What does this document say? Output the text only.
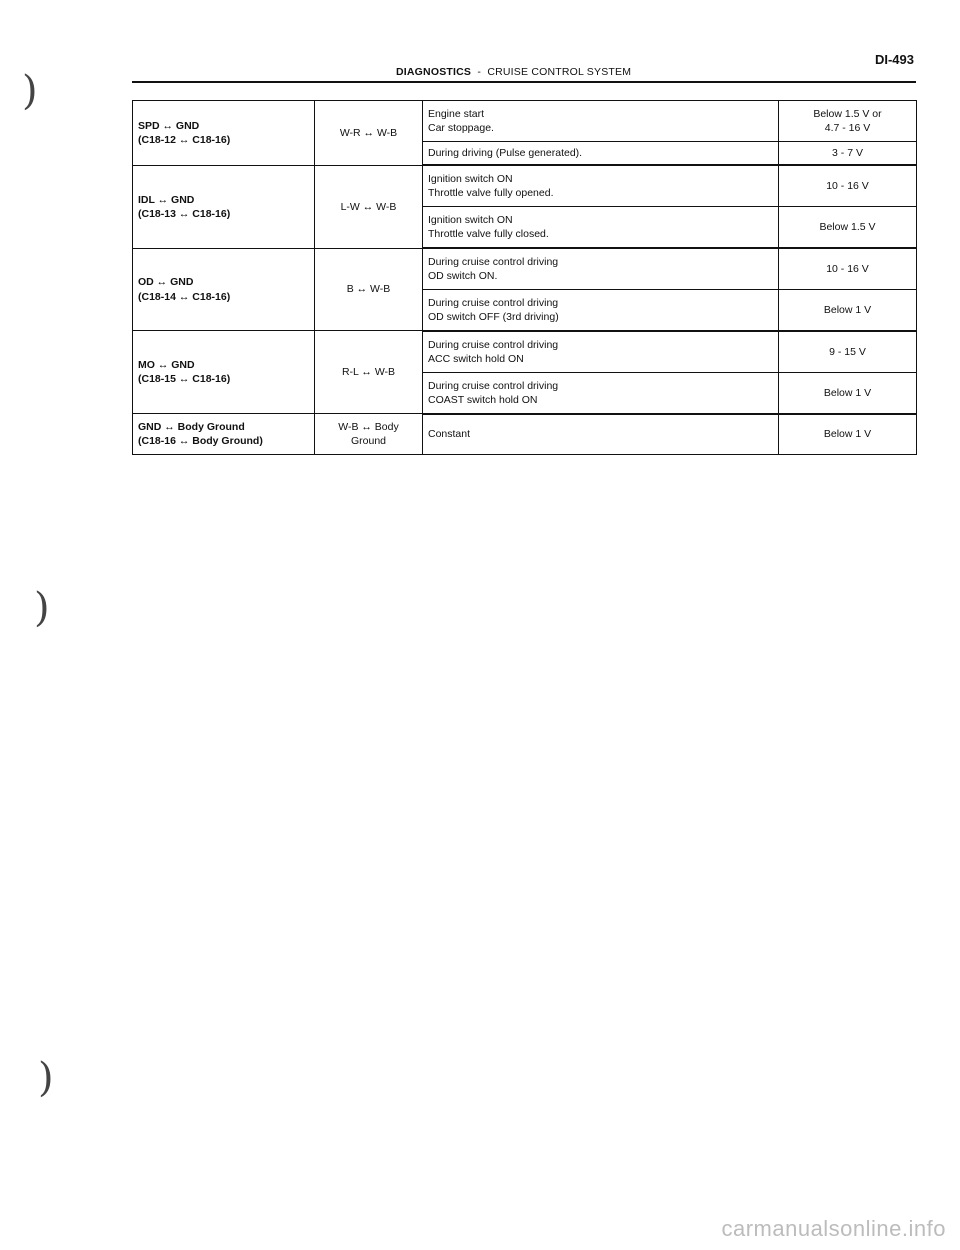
DI-493
DIAGNOSTICS - CRUISE CONTROL SYSTEM
)
)
)
SPD ↔ GND
(C18-12 ↔ C18-16)	W-R ↔ W-B	Engine start
Car stoppage.	Below 1.5 V or
4.7 - 16 V

		During driving (Pulse generated).	3 - 7 V

IDL ↔ GND
(C18-13 ↔ C18-16)	L-W ↔ W-B	Ignition switch ON
Throttle valve fully opened.	10 - 16 V

		Ignition switch ON
Throttle valve fully closed.	Below 1.5 V

OD ↔ GND
(C18-14 ↔ C18-16)	B ↔ W-B	During cruise control driving
OD switch ON.	10 - 16 V

		During cruise control driving
OD switch OFF (3rd driving)	Below 1 V

MO ↔ GND
(C18-15 ↔ C18-16)	R-L ↔ W-B	During cruise control driving
ACC switch hold ON	9 - 15 V

		During cruise control driving
COAST switch hold ON	Below 1 V

GND ↔ Body Ground
(C18-16 ↔ Body Ground)	W-B ↔ Body
Ground	Constant	Below 1 V
carmanualsonline.info
